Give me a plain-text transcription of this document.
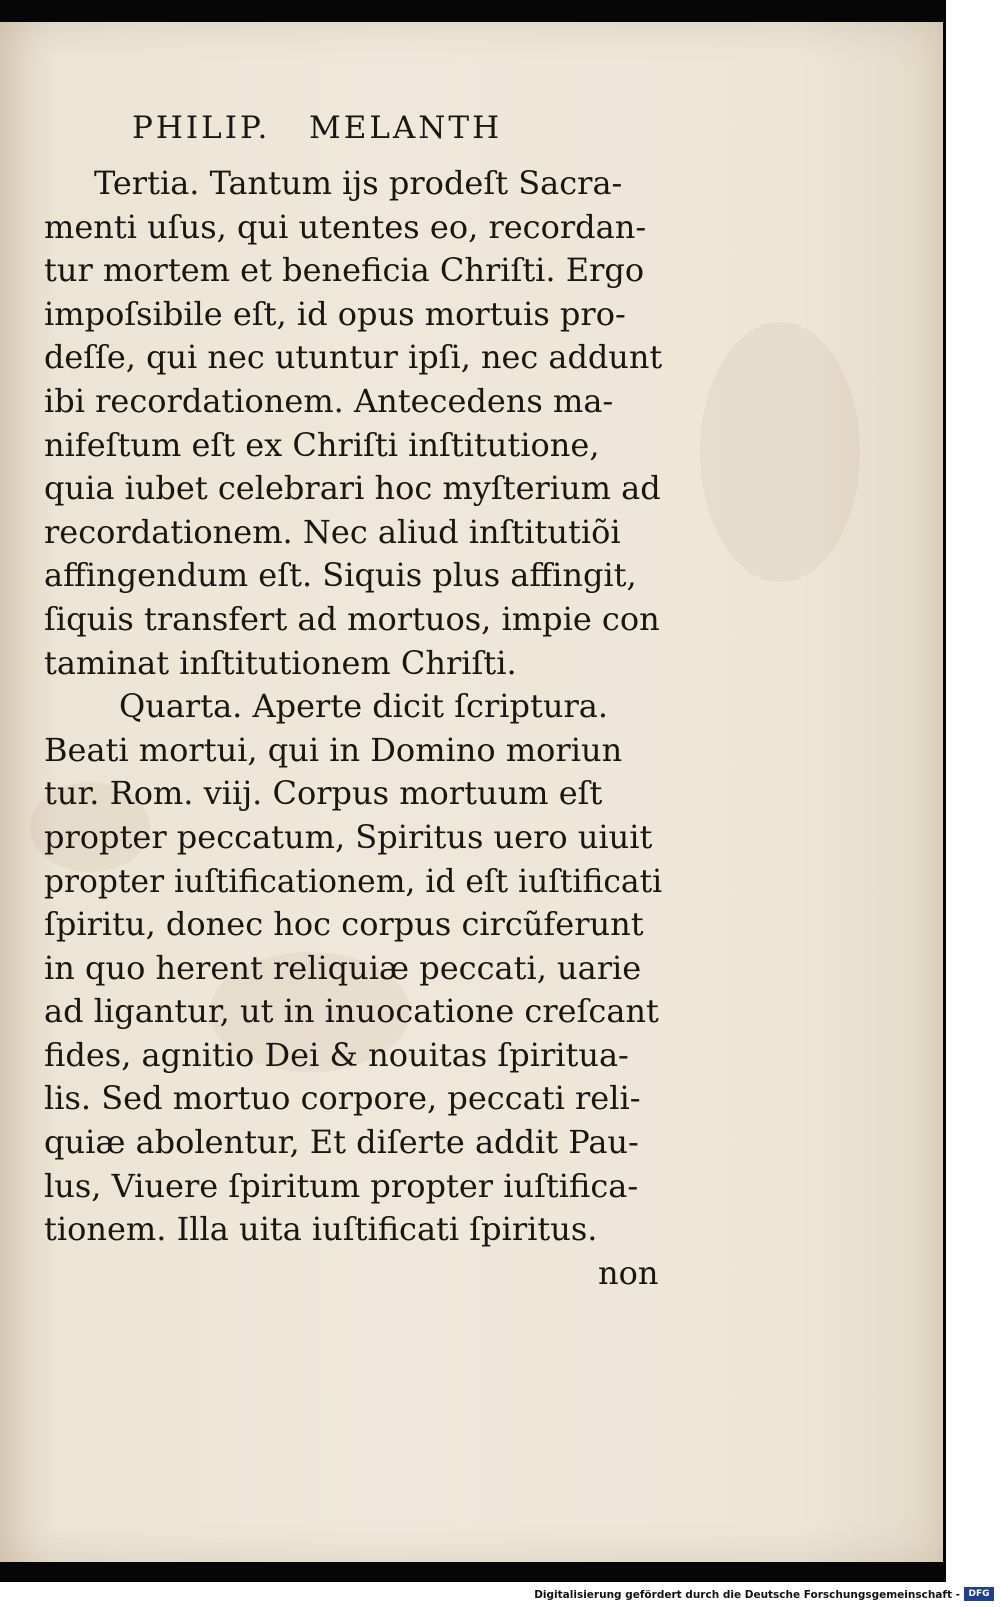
PHILIP.   MELANTH
Tertia. Tantum ijs prodeſt Sacra-
menti uſus, qui utentes eo, recordan-
tur mortem et beneficia Chriſti. Ergo
impoſsibile eſt, id opus mortuis pro-
deſſe, qui nec utuntur ipſi, nec addunt
ibi recordationem. Antecedens ma-
nifeſtum eſt ex Chriſti inſtitutione,
quia iubet celebrari hoc myſterium ad
recordationem. Nec aliud inſtitutiõi
affingendum eſt. Siquis plus affingit,
ſiquis transfert ad mortuos, impie con
taminat inſtitutionem Chriſti.
Quarta. Aperte dicit ſcriptura.
Beati mortui, qui in Domino moriun
tur. Rom. viij. Corpus mortuum eſt
propter peccatum, Spiritus uero uiuit
propter iuſtificationem, id eſt iuſtificati
ſpiritu, donec hoc corpus circũferunt
in quo herent reliquiæ peccati, uarie
ad ligantur, ut in inuocatione creſcant
fides, agnitio Dei & nouitas ſpiritua-
lis. Sed mortuo corpore, peccati reli-
quiæ abolentur, Et diſerte addit Pau-
lus, Viuere ſpiritum propter iuſtifica-
tionem. Illa uita iuſtificati ſpiritus.
non
Digitalisierung gefördert durch die Deutsche Forschungsgemeinschaft - DFG
